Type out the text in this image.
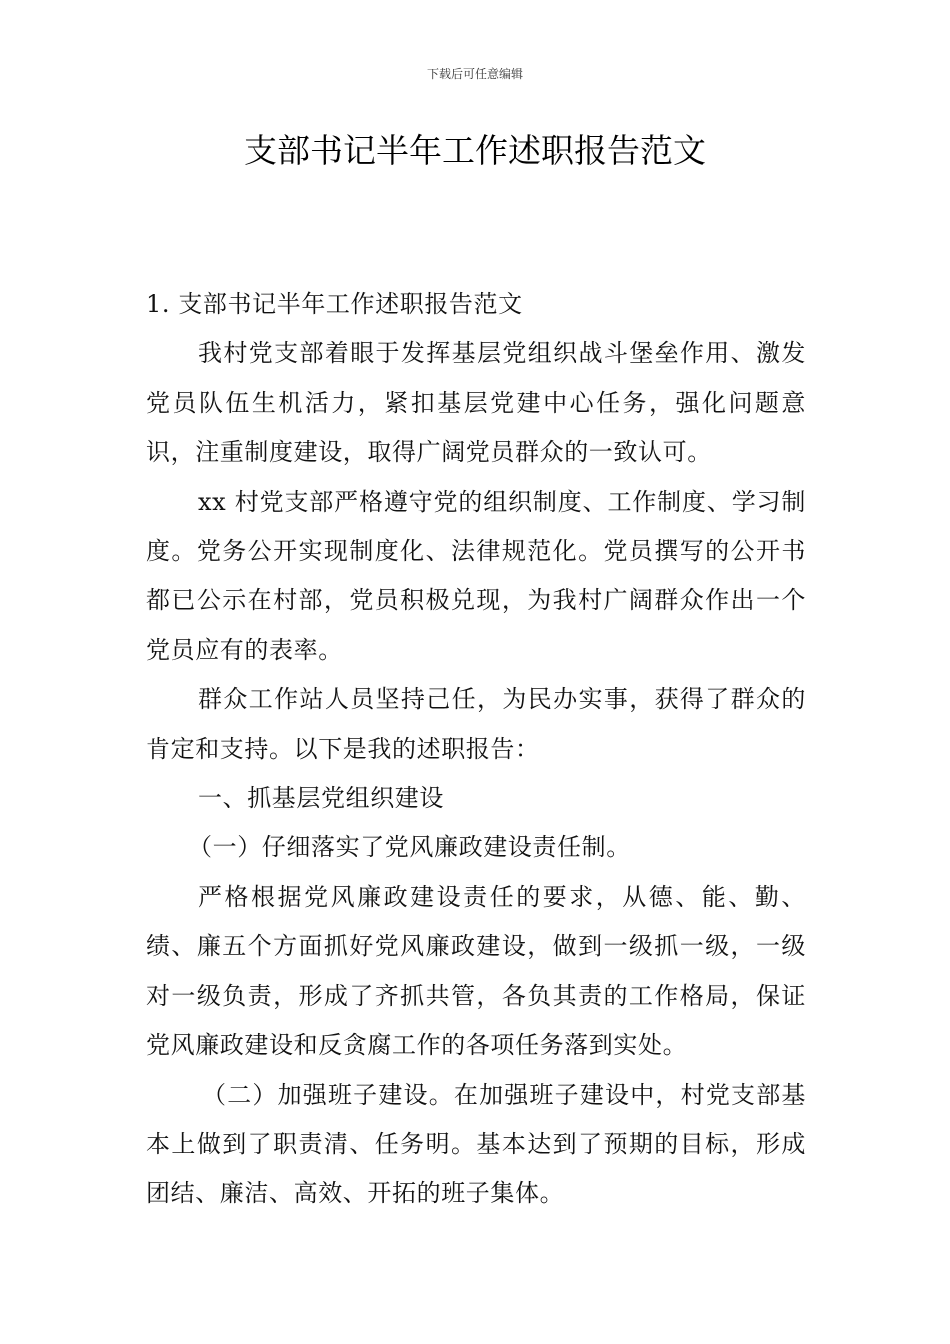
下载后可任意编辑
支部书记半年工作述职报告范文

1. 支部书记半年工作述职报告范文

我村党支部着眼于发挥基层党组织战斗堡垒作用、激发党员队伍生机活力，紧扣基层党建中心任务，强化问题意识，注重制度建设，取得广阔党员群众的一致认可。

xx 村党支部严格遵守党的组织制度、工作制度、学习制度。党务公开实现制度化、法律规范化。党员撰写的公开书都已公示在村部，党员积极兑现，为我村广阔群众作出一个党员应有的表率。

群众工作站人员坚持己任，为民办实事，获得了群众的肯定和支持。以下是我的述职报告：

一、抓基层党组织建设

（一）仔细落实了党风廉政建设责任制。

严格根据党风廉政建设责任的要求，从德、能、勤、绩、廉五个方面抓好党风廉政建设，做到一级抓一级，一级对一级负责，形成了齐抓共管，各负其责的工作格局，保证党风廉政建设和反贪腐工作的各项任务落到实处。

（二）加强班子建设。在加强班子建设中，村党支部基本上做到了职责清、任务明。基本达到了预期的目标，形成团结、廉洁、高效、开拓的班子集体。
